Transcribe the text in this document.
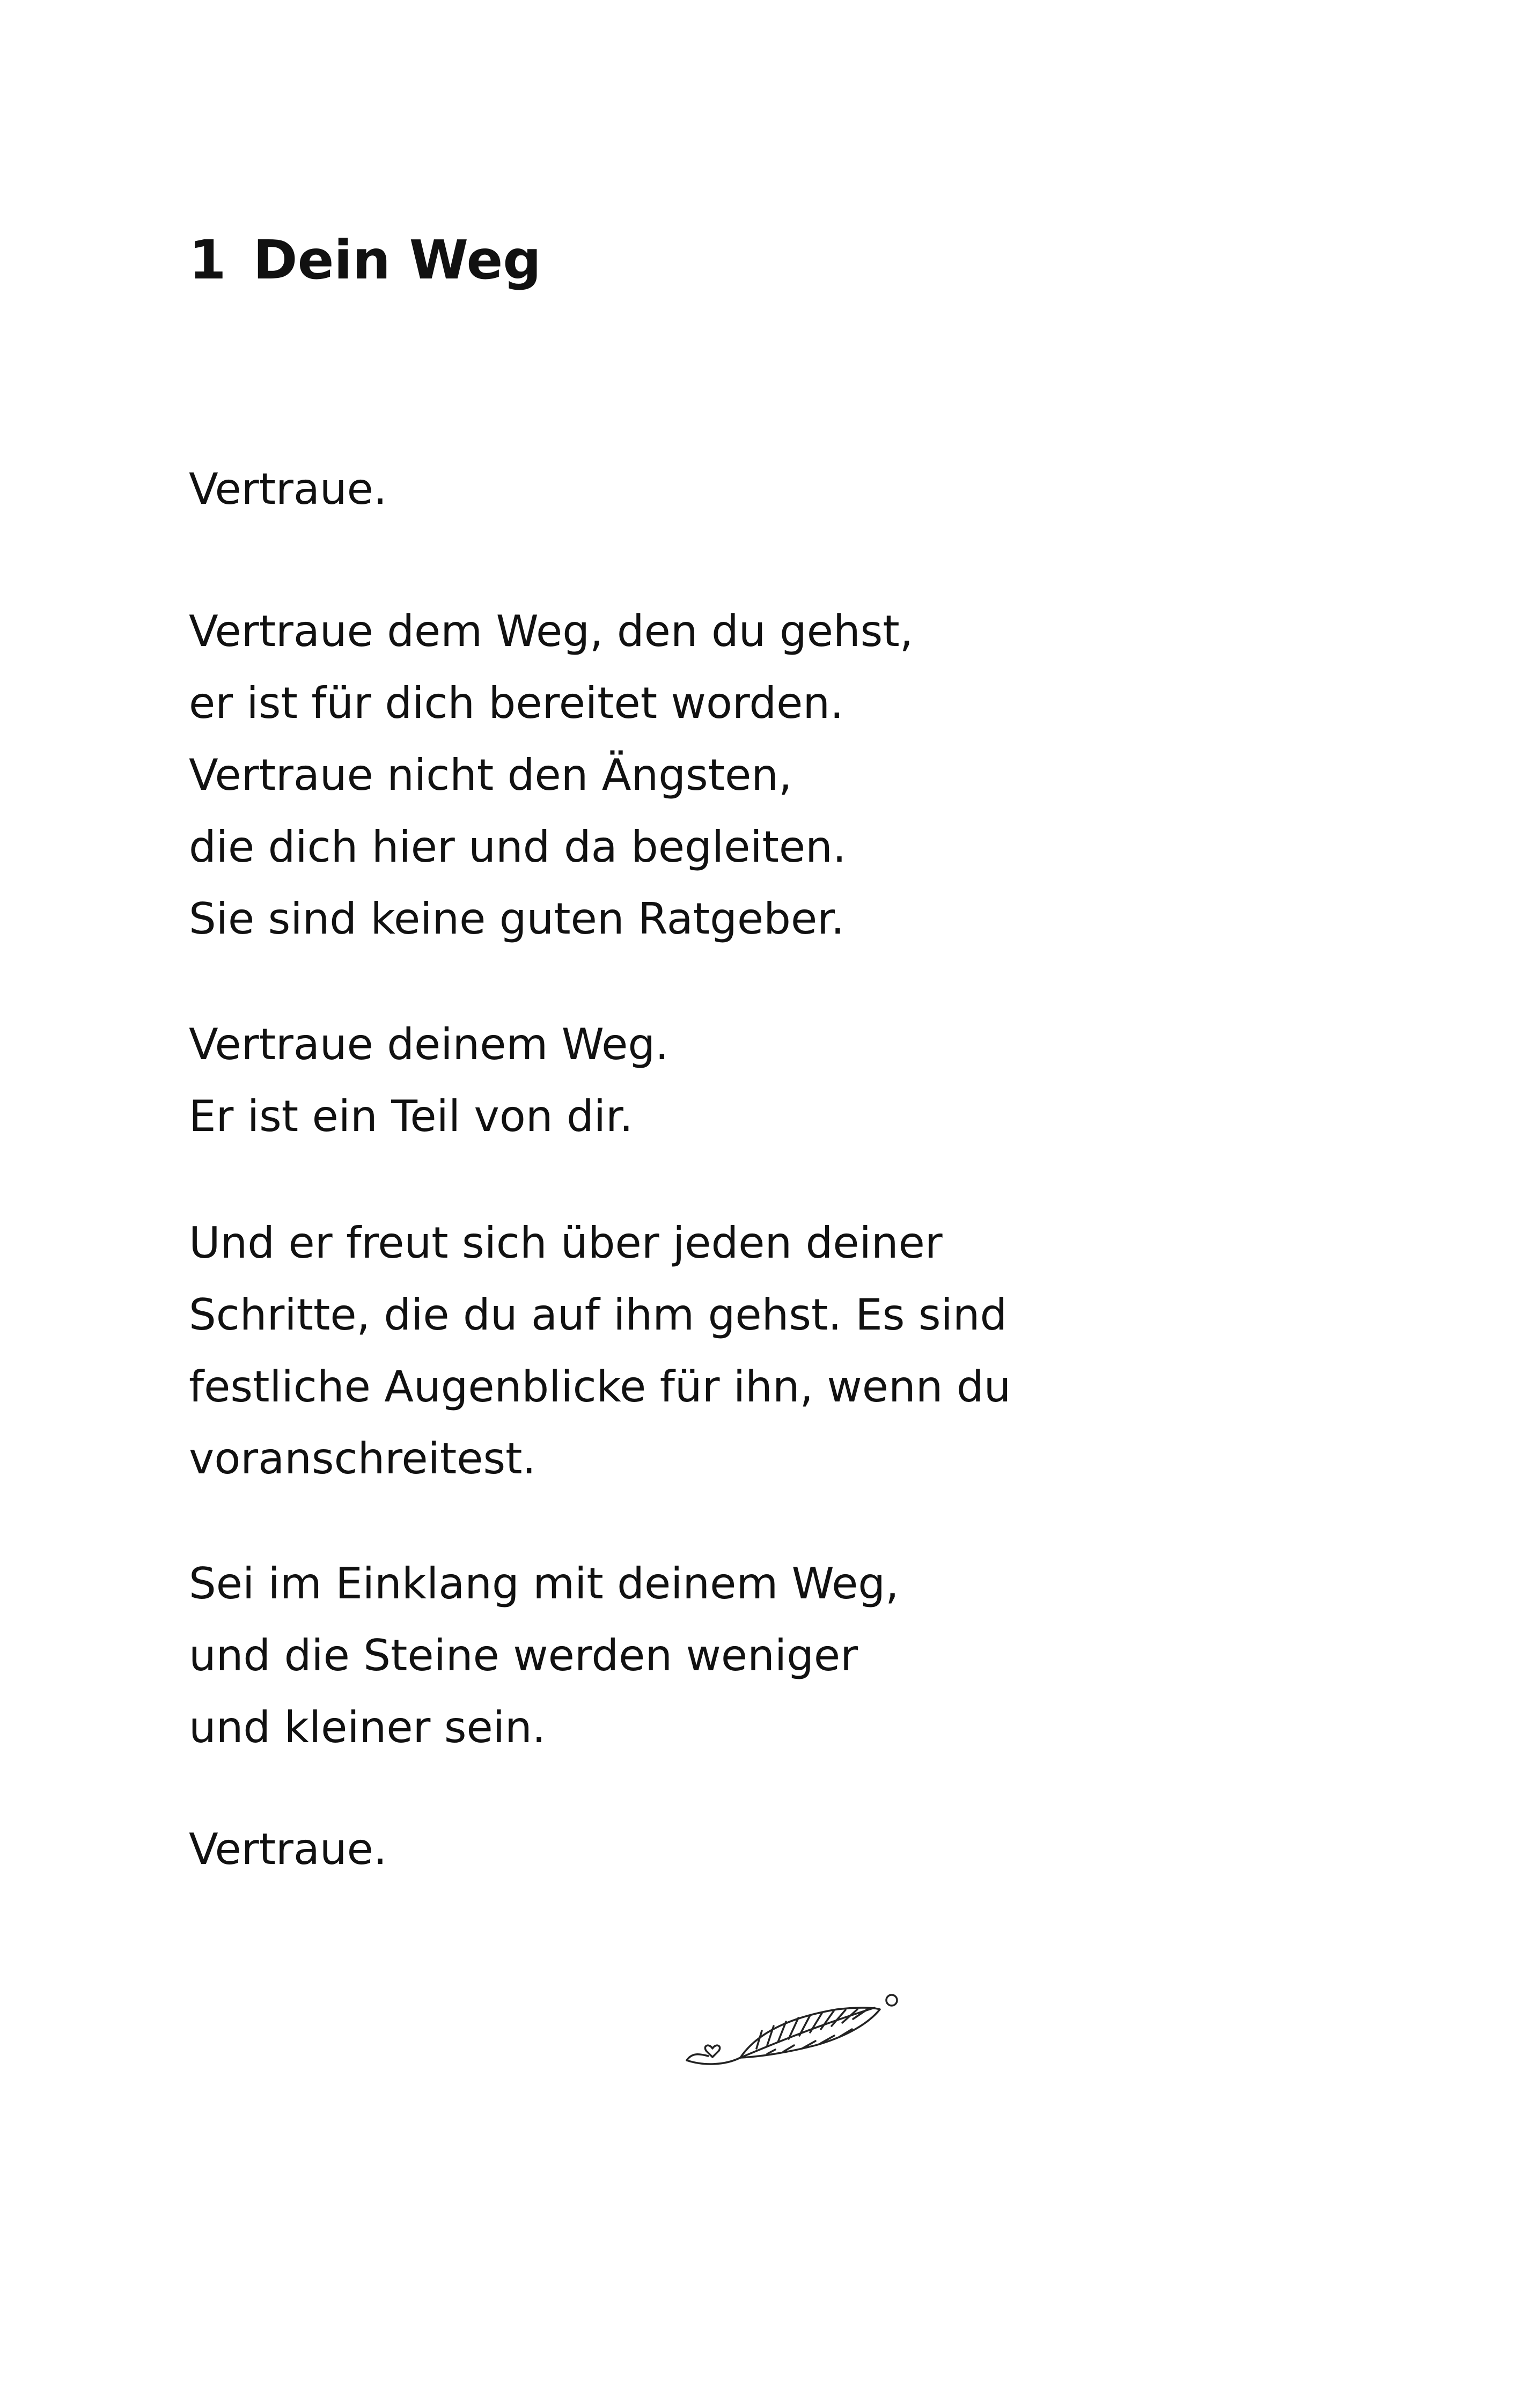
1 Dein Weg
Vertraue.
Vertraue dem Weg, den du gehst,
er ist für dich bereitet worden.
Vertraue nicht den Ängsten,
die dich hier und da begleiten.
Sie sind keine guten Ratgeber.
Vertraue deinem Weg.
Er ist ein Teil von dir.
Und er freut sich über jeden deiner
Schritte, die du auf ihm gehst. Es sind
festliche Augenblicke für ihn, wenn du
voranschreitest.
Sei im Einklang mit deinem Weg,
und die Steine werden weniger
und kleiner sein.
Vertraue.
